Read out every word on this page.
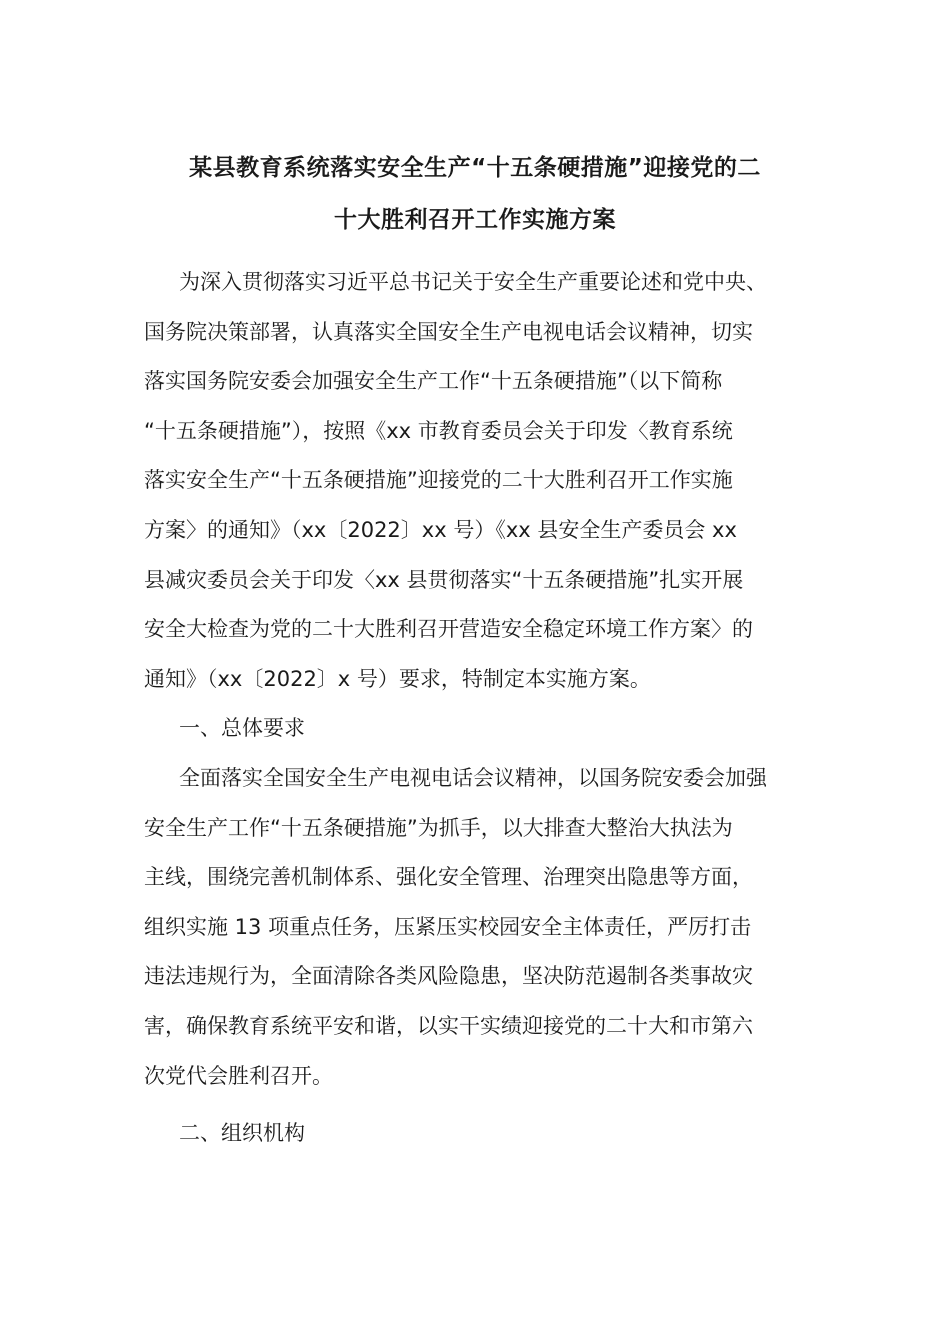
某县教育系统落实安全生产“十五条硬措施”迎接党的二
十大胜利召开工作实施方案
为深入贯彻落实习近平总书记关于安全生产重要论述和党中央、
国务院决策部署，认真落实全国安全生产电视电话会议精神，切实
落实国务院安委会加强安全生产工作“十五条硬措施”（以下简称
“十五条硬措施”），按照《xx 市教育委员会关于印发〈教育系统
落实安全生产“十五条硬措施”迎接党的二十大胜利召开工作实施
方案〉的通知》（xx〔2022〕xx 号）《xx 县安全生产委员会 xx
县减灾委员会关于印发〈xx 县贯彻落实“十五条硬措施”扎实开展
安全大检查为党的二十大胜利召开营造安全稳定环境工作方案〉的
通知》（xx〔2022〕x 号）要求，特制定本实施方案。
一、总体要求
全面落实全国安全生产电视电话会议精神，以国务院安委会加强
安全生产工作“十五条硬措施”为抓手，以大排查大整治大执法为
主线，围绕完善机制体系、强化安全管理、治理突出隐患等方面，
组织实施 13 项重点任务，压紧压实校园安全主体责任，严厉打击
违法违规行为，全面清除各类风险隐患，坚决防范遏制各类事故灾
害，确保教育系统平安和谐，以实干实绩迎接党的二十大和市第六
次党代会胜利召开。
二、组织机构
